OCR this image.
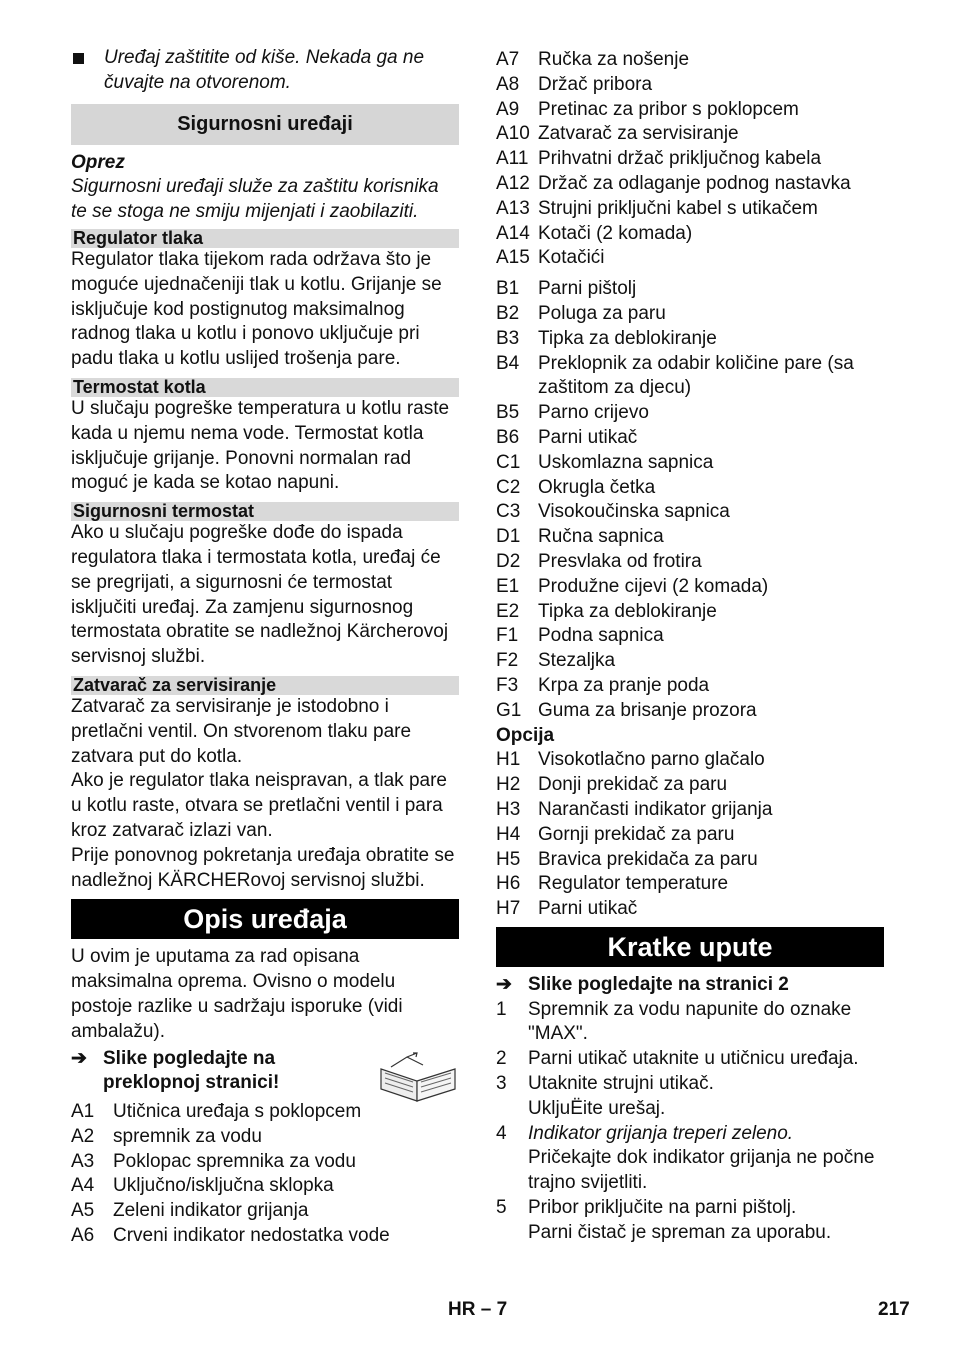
Uređaj zaštitite od kiše. Nekada ga ne čuvajte na otvorenom.

Sigurnosni uređaji

Oprez

Sigurnosni uređaji služe za zaštitu korisnika te se stoga ne smiju mijenjati i zaobilaziti.

Regulator tlaka

Regulator tlaka tijekom rada održava što je moguće ujednačeniji tlak u kotlu. Grijanje se isključuje kod postignutog maksimalnog radnog tlaka u kotlu i ponovo uključuje pri padu tlaka u kotlu uslijed trošenja pare.

Termostat kotla

U slučaju pogreške temperatura u kotlu raste kada u njemu nema vode. Termostat kotla isključuje grijanje. Ponovni normalan rad moguć je kada se kotao napuni.

Sigurnosni termostat

Ako u slučaju pogreške dođe do ispada regulatora tlaka i termostata kotla, uređaj će se pregrijati, a sigurnosni će termostat isključiti uređaj. Za zamjenu sigurnosnog termostata obratite se nadležnoj Kärcherovoj servisnoj službi.

Zatvarač za servisiranje

Zatvarač za servisiranje je istodobno i pretlačni ventil. On stvorenom tlaku pare zatvara put do kotla.

Ako je regulator tlaka neispravan, a tlak pare u kotlu raste, otvara se pretlačni ventil i para kroz zatvarač izlazi van.

Prije ponovnog pokretanja uređaja obratite se nadležnoj KÄRCHERovoj servisnoj službi.

Opis uređaja

U ovim je uputama za rad opisana maksimalna oprema. Ovisno o modelu postoje razlike u sadržaju isporuke (vidi ambalažu).

➔ Slike pogledajte na preklopnoj stranici!
A1 Utičnica uređaja s poklopcem
A2 spremnik za vodu
A3 Poklopac spremnika za vodu
A4 Uključno/isključna sklopka
A5 Zeleni indikator grijanja
A6 Crveni indikator nedostatka vode
A7 Ručka za nošenje
A8 Držač pribora
A9 Pretinac za pribor s poklopcem
A10 Zatvarač za servisiranje
A11 Prihvatni držač priključnog kabela
A12 Držač za odlaganje podnog nastavka
A13 Strujni priključni kabel s utikačem
A14 Kotači (2 komada)
A15 Kotačići
B1 Parni pištolj
B2 Poluga za paru
B3 Tipka za deblokiranje
B4 Preklopnik za odabir količine pare (sa zaštitom za djecu)
B5 Parno crijevo
B6 Parni utikač
C1 Uskomlazna sapnica
C2 Okrugla četka
C3 Visokoučinska sapnica
D1 Ručna sapnica
D2 Presvlaka od frotira
E1 Produžne cijevi (2 komada)
E2 Tipka za deblokiranje
F1	Podna sapnica
F2	Stezaljka
F3	Krpa za pranje poda
G1 Guma za brisanje prozora

Opcija

H1 Visokotlačno parno glačalo
H2 Donji prekidač za paru
H3 Narančasti indikator grijanja
H4 Gornji prekidač za paru
H5 Bravica prekidača za paru
H6 Regulator temperature
H7 Parni utikač
Kratke upute
➔ Slike pogledajte na stranici 2
1	Spremnik za vodu napunite do oznake "MAX".
2	Parni utikač utaknite u utičnicu uređaja.
3	Utaknite strujni utikač.
UkljuËite urešaj.
4	Indikator grijanja treperi zeleno.
Pričekajte dok indikator grijanja ne počne trajno svijetliti.
5	Pribor priključite na parni pištolj.
Parni čistač je spreman za uporabu.
HR – 7	217
